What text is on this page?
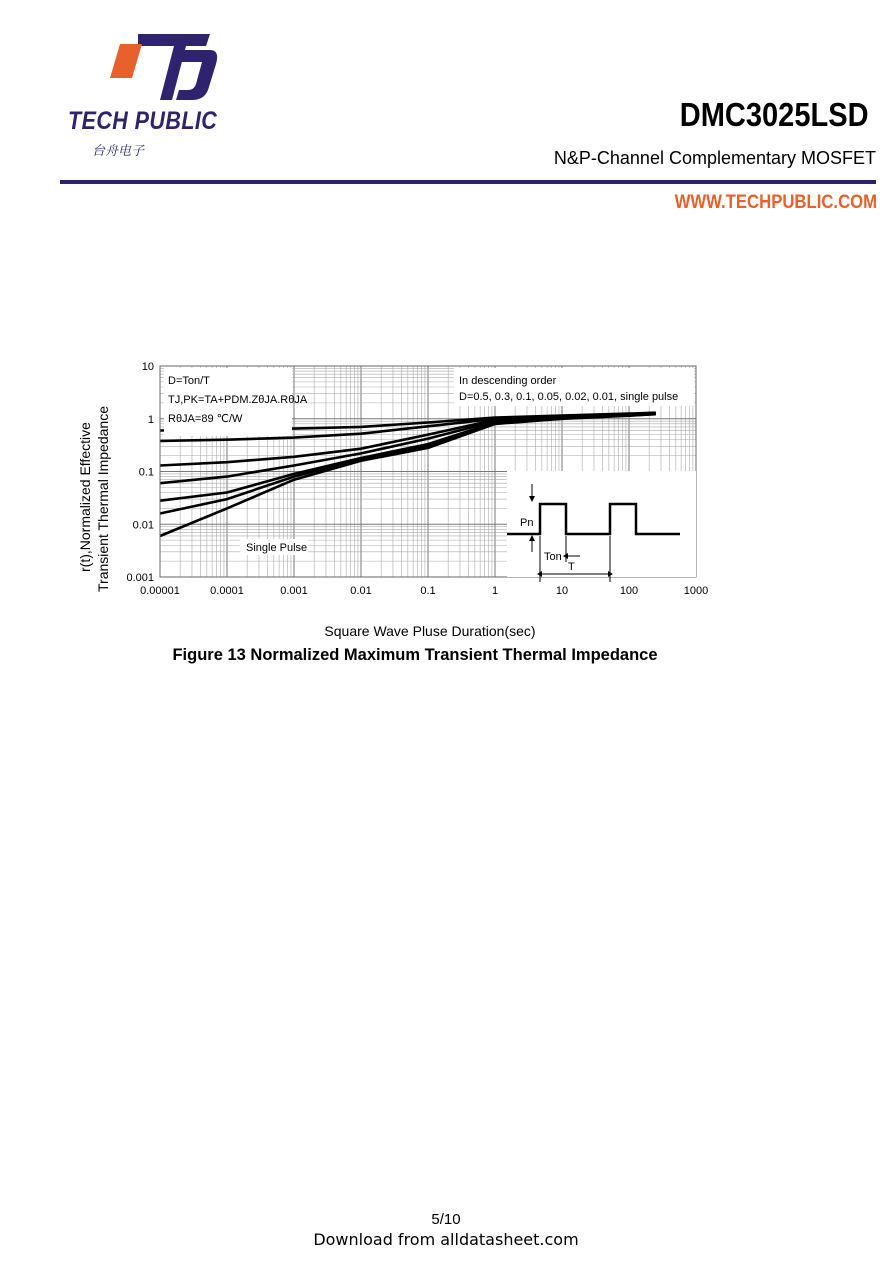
TECH PUBLIC
台舟电子
DMC3025LSD
N&P-Channel Complementary MOSFET
WWW.TECHPUBLIC.COM
0.00001	0.0001	0.001	0.01	0.1	1	10	100	1000
10
1
0.1
0.01
0.001
r(t),Normalized Effective Transient Thermal Impedance
D=Ton/T
TJ,PK=TA+PDM.ZθJA.RθJA
RθJA=89 ℃/W
In descending order
D=0.5, 0.3, 0.1, 0.05, 0.02, 0.01, single pulse
Single Pulse
Pn
Ton
T
Square Wave Pluse Duration(sec)
Figure 13 Normalized Maximum Transient Thermal Impedance
5/10
Download from alldatasheet.com
